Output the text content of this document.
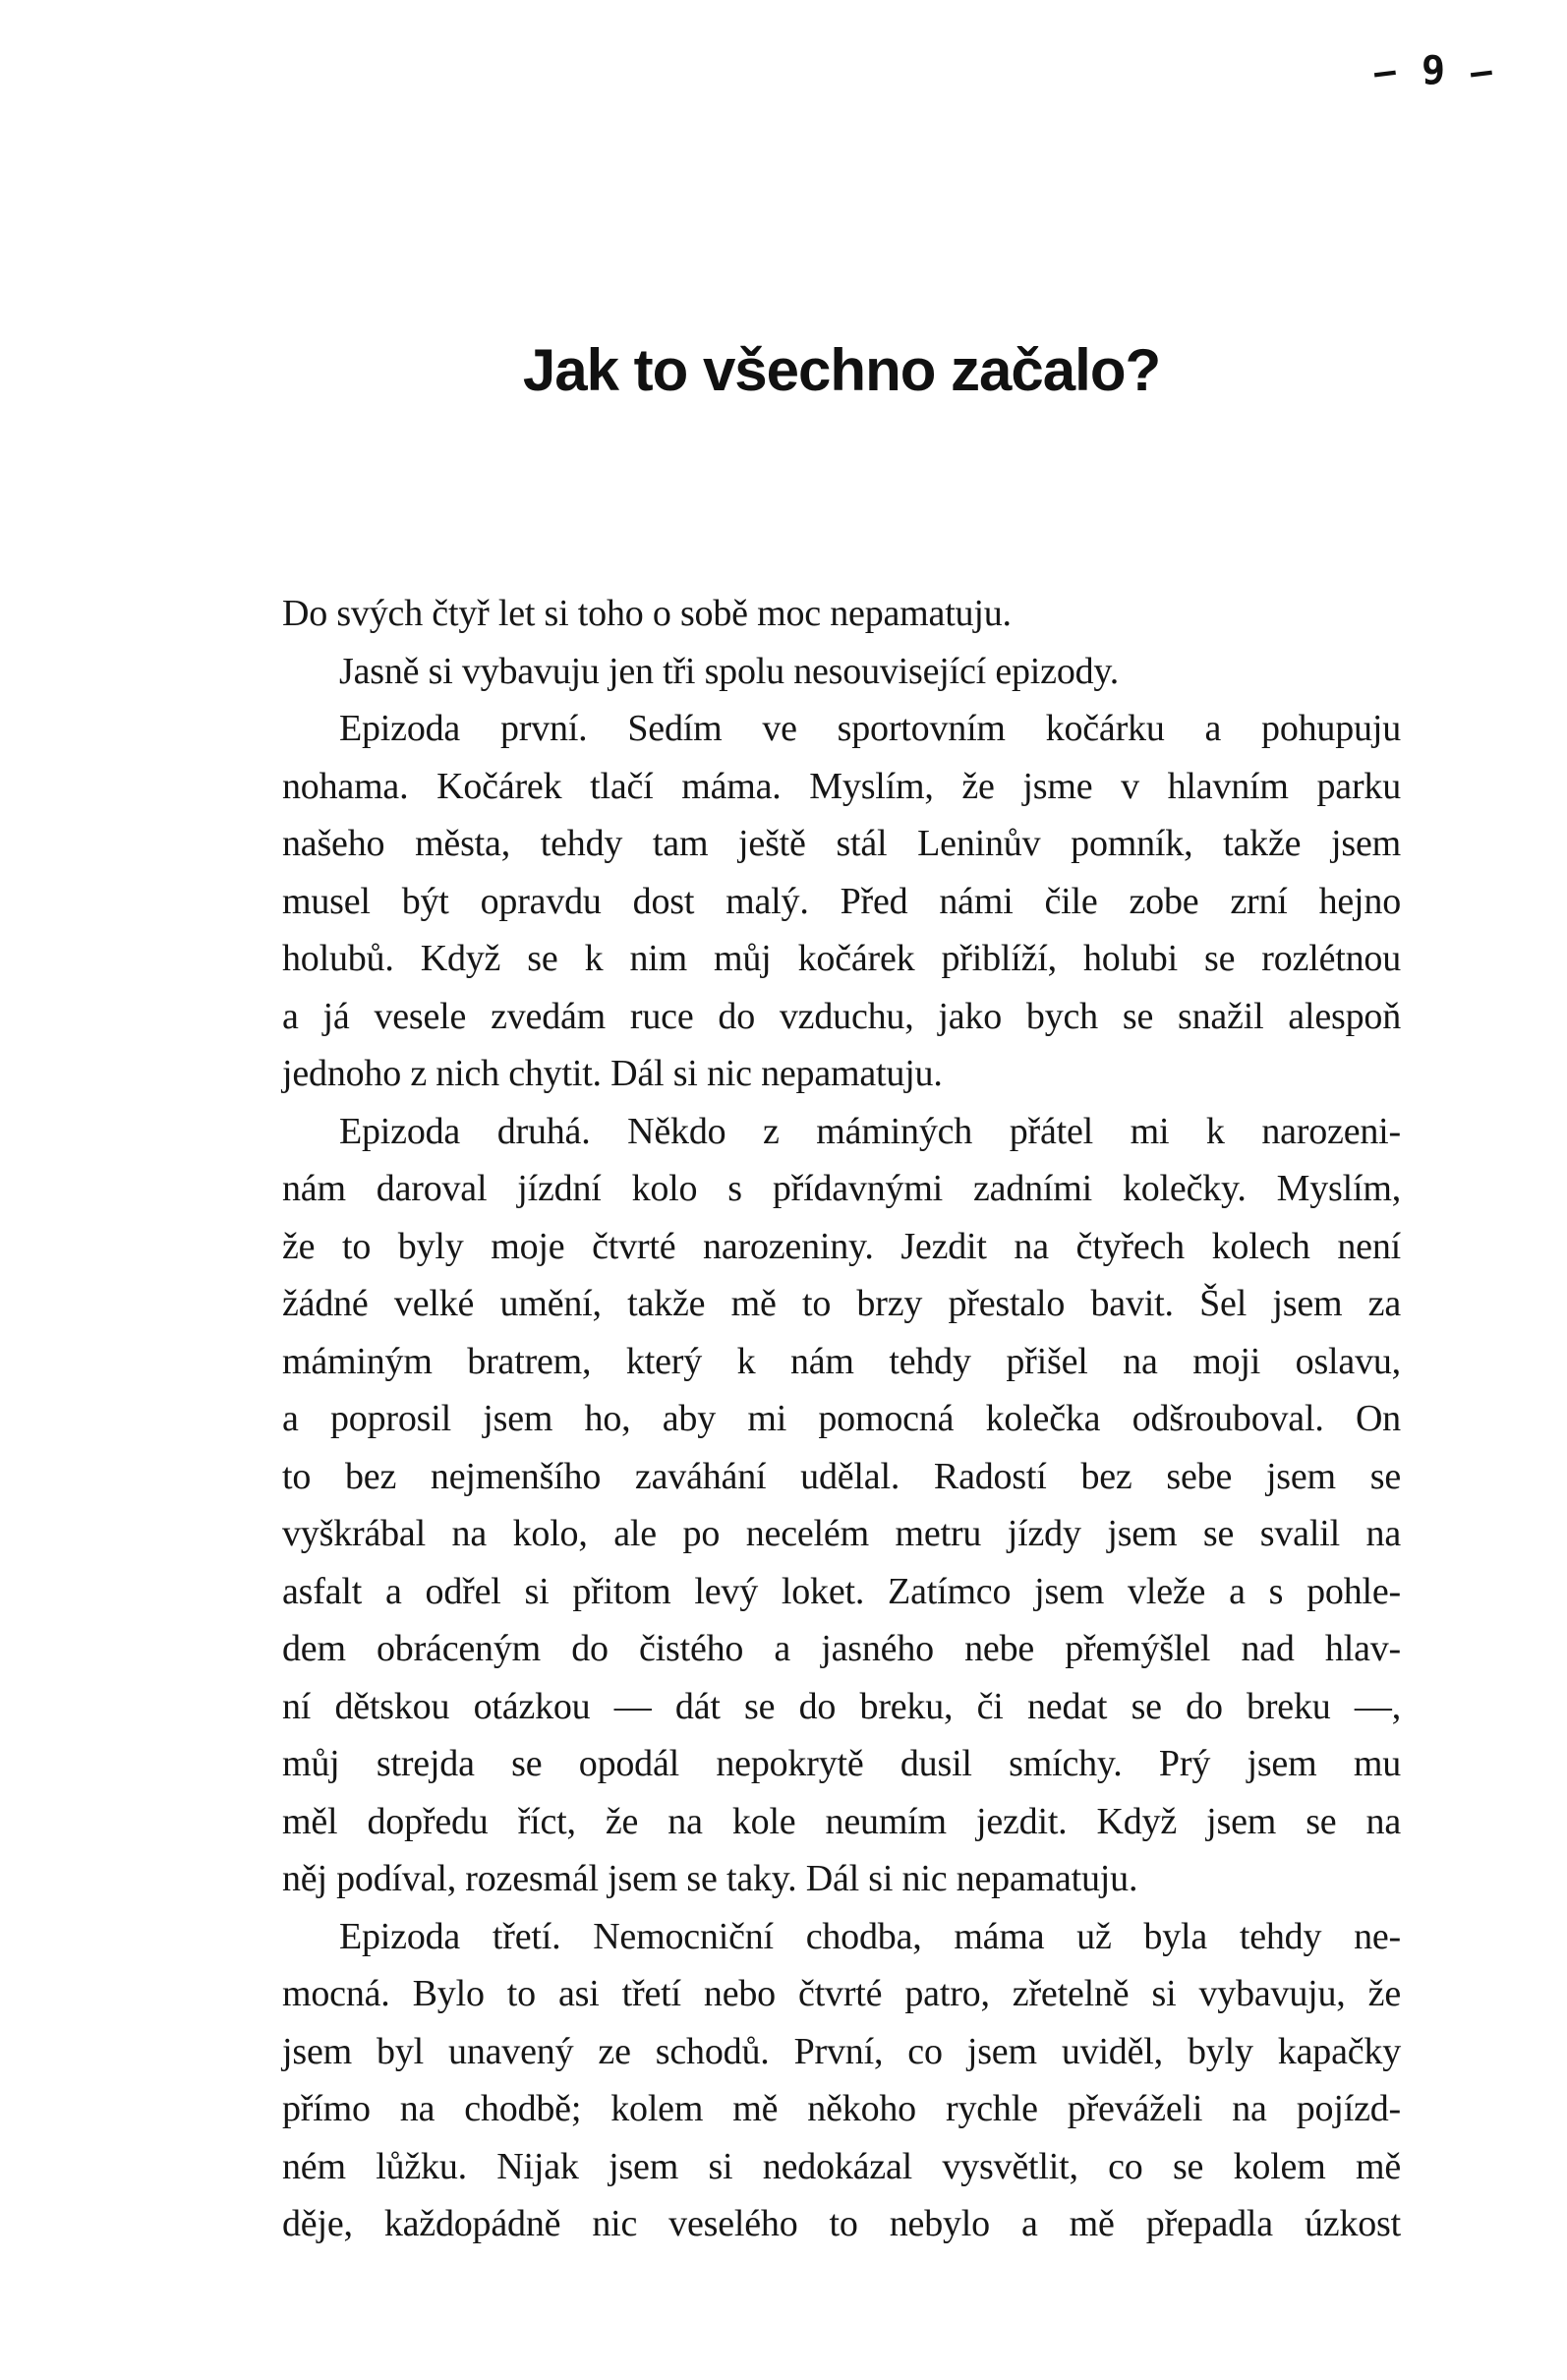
— 9 —
Jak to všechno začalo?
Do svých čtyř let si toho o sobě moc nepamatuju.
Jasně si vybavuju jen tři spolu nesouvisející epizody.
Epizoda první. Sedím ve sportovním kočárku a pohupuju
nohama. Kočárek tlačí máma. Myslím, že jsme v hlavním parku
našeho města, tehdy tam ještě stál Leninův pomník, takže jsem
musel být opravdu dost malý. Před námi čile zobe zrní hejno
holubů. Když se k nim můj kočárek přiblíží, holubi se rozlétnou
a já vesele zvedám ruce do vzduchu, jako bych se snažil alespoň
jednoho z nich chytit. Dál si nic nepamatuju.
Epizoda druhá. Někdo z máminých přátel mi k narozeni-
nám daroval jízdní kolo s přídavnými zadními kolečky. Myslím,
že to byly moje čtvrté narozeniny. Jezdit na čtyřech kolech není
žádné velké umění, takže mě to brzy přestalo bavit. Šel jsem za
máminým bratrem, který k nám tehdy přišel na moji oslavu,
a poprosil jsem ho, aby mi pomocná kolečka odšrouboval. On
to bez nejmenšího zaváhání udělal. Radostí bez sebe jsem se
vyškrábal na kolo, ale po necelém metru jízdy jsem se svalil na
asfalt a odřel si přitom levý loket. Zatímco jsem vleže a s pohle-
dem obráceným do čistého a jasného nebe přemýšlel nad hlav-
ní dětskou otázkou — dát se do breku, či nedat se do breku —,
můj strejda se opodál nepokrytě dusil smíchy. Prý jsem mu
měl dopředu říct, že na kole neumím jezdit. Když jsem se na
něj podíval, rozesmál jsem se taky. Dál si nic nepamatuju.
Epizoda třetí. Nemocniční chodba, máma už byla tehdy ne-
mocná. Bylo to asi třetí nebo čtvrté patro, zřetelně si vybavuju, že
jsem byl unavený ze schodů. První, co jsem uviděl, byly kapačky
přímo na chodbě; kolem mě někoho rychle převáželi na pojízd-
ném lůžku. Nijak jsem si nedokázal vysvětlit, co se kolem mě
děje, každopádně nic veselého to nebylo a mě přepadla úzkost
